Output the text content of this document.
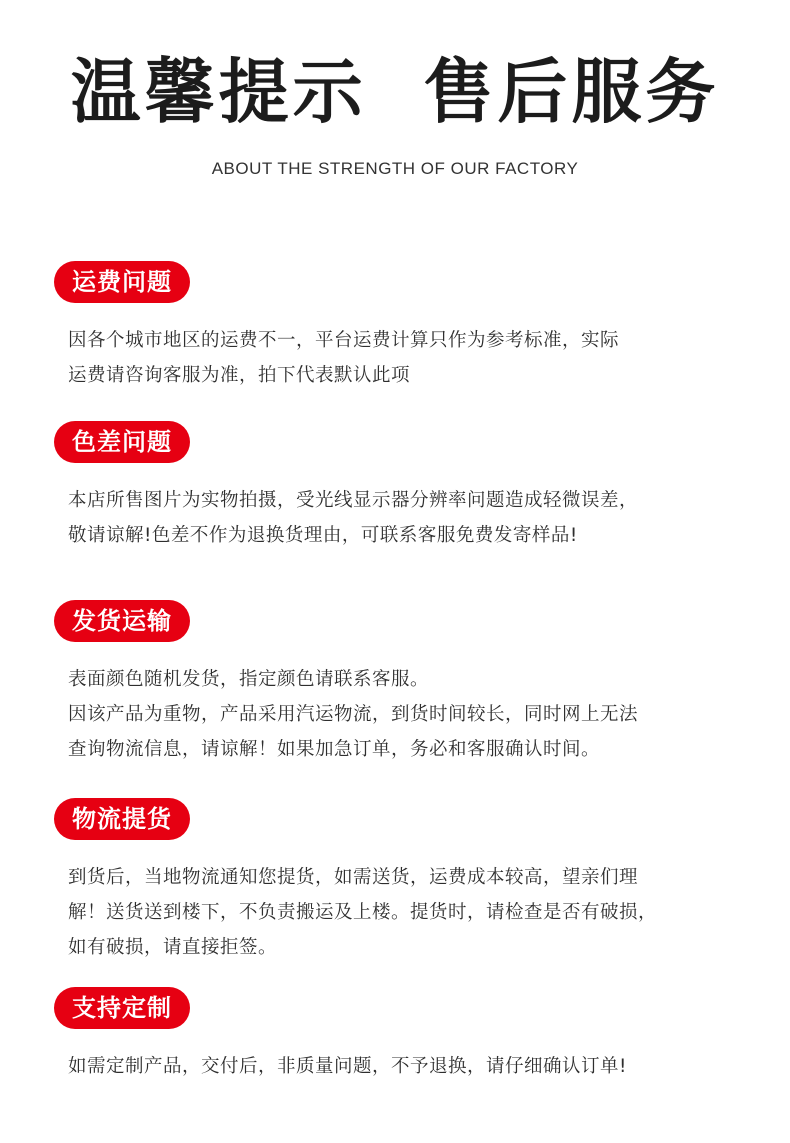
温馨提示  售后服务
ABOUT THE STRENGTH OF OUR FACTORY
运费问题
因各个城市地区的运费不一，平台运费计算只作为参考标准，实际
运费请咨询客服为准，拍下代表默认此项
色差问题
本店所售图片为实物拍摄，受光线显示器分辨率问题造成轻微误差，
敬请谅解!色差不作为退换货理由，可联系客服免费发寄样品!
发货运输
表面颜色随机发货，指定颜色请联系客服。
因该产品为重物，产品采用汽运物流，到货时间较长，同时网上无法
查询物流信息，请谅解！如果加急订单，务必和客服确认时间。
物流提货
到货后，当地物流通知您提货，如需送货，运费成本较高，望亲们理
解！送货送到楼下，不负责搬运及上楼。提货时，请检查是否有破损，
如有破损，请直接拒签。
支持定制
如需定制产品，交付后，非质量问题，不予退换，请仔细确认订单!
